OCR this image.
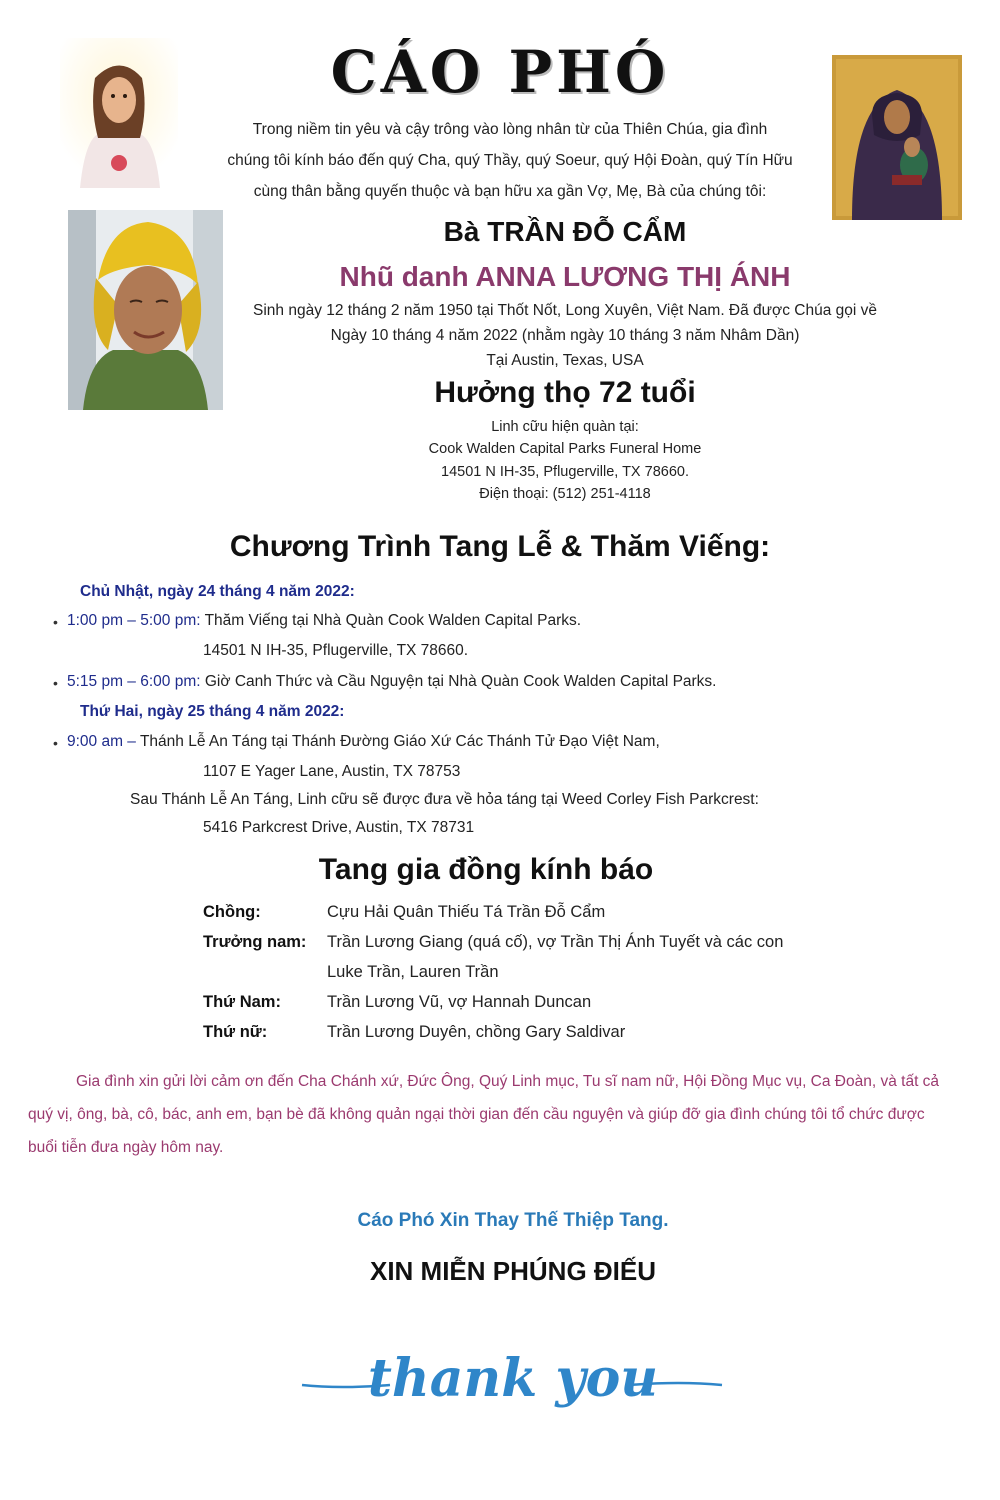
CÁO PHÓ
Trong niềm tin yêu và cậy trông vào lòng nhân từ của Thiên Chúa, gia đình
chúng tôi kính báo đến quý Cha, quý Thầy, quý Soeur, quý Hội Đoàn, quý Tín Hữu
cùng thân bằng quyến thuộc và bạn hữu xa gần Vợ, Mẹ, Bà của chúng tôi:
Bà TRẦN ĐỖ CẨM
Nhũ danh ANNA LƯƠNG THỊ ÁNH
Sinh ngày 12 tháng 2 năm 1950 tại Thốt Nốt, Long Xuyên, Việt Nam. Đã được Chúa gọi về
Ngày 10 tháng 4 năm 2022 (nhằm ngày 10 tháng 3 năm Nhâm Dần)
Tại Austin, Texas, USA
Hưởng thọ 72 tuổi
Linh cữu hiện quàn tại:
Cook Walden Capital Parks Funeral Home
14501 N IH-35, Pflugerville, TX 78660.
Điện thoại: (512) 251-4118
Chương Trình Tang Lễ & Thăm Viếng:
Chủ Nhật, ngày 24 tháng 4 năm 2022:
• 1:00 pm – 5:00 pm: Thăm Viếng tại Nhà Quàn Cook Walden Capital Parks.
14501 N IH-35, Pflugerville, TX 78660.
• 5:15 pm – 6:00 pm: Giờ Canh Thức và Cầu Nguyện tại Nhà Quàn Cook Walden Capital Parks.
Thứ Hai, ngày 25 tháng 4 năm 2022:
• 9:00 am – Thánh Lễ An Táng tại Thánh Đường Giáo Xứ Các Thánh Tử Đạo Việt Nam,
1107 E Yager Lane, Austin, TX 78753
Sau Thánh Lễ An Táng, Linh cữu sẽ được đưa về hỏa táng tại Weed Corley Fish Parkcrest:
5416 Parkcrest Drive, Austin, TX 78731
Tang gia đồng kính báo
Chồng:	Cựu Hải Quân Thiếu Tá Trần Đỗ Cẩm
Trưởng nam: Trần Lương Giang (quá cố), vợ Trần Thị Ánh Tuyết và các con
Luke Trần, Lauren Trần
Thứ Nam:	Trần Lương Vũ, vợ Hannah Duncan
Thứ nữ:	Trần Lương Duyên, chồng Gary Saldivar
Gia đình xin gửi lời cảm ơn đến Cha Chánh xứ, Đức Ông, Quý Linh mục, Tu sĩ nam nữ, Hội Đồng Mục vụ, Ca Đoàn, và tất cả quý vị, ông, bà, cô, bác, anh em, bạn bè đã không quản ngại thời gian đến cầu nguyện và giúp đỡ gia đình chúng tôi tổ chức được buổi tiễn đưa ngày hôm nay.
Cáo Phó Xin Thay Thế Thiệp Tang.
XIN MIỄN PHÚNG ĐIẾU
thank you
